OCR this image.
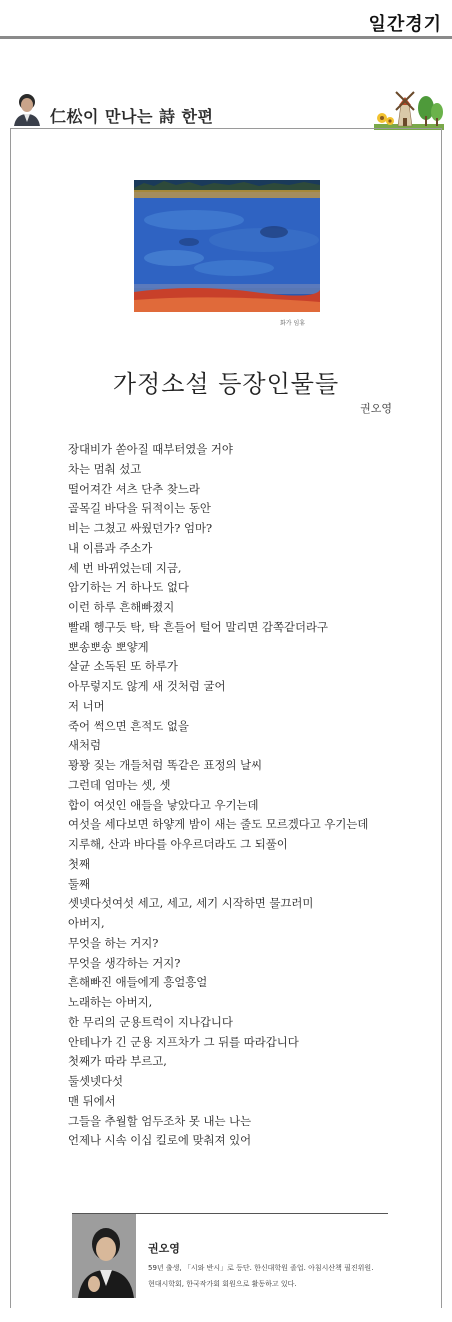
일간경기
仁松이 만나는 詩 한편
화가 임휴
가정소설 등장인물들
권오영
장대비가 쏟아질 때부터였을 거야
차는 멈춰 섰고
떨어져간 셔츠 단추 찾느라
골목길 바닥을 뒤적이는 동안
비는 그쳤고 싸웠던가? 엄마?
내 이름과 주소가
세 번 바뀌었는데 지금,
암기하는 거 하나도 없다
이런 하루 흔해빠졌지
빨래 헹구듯 탁, 탁 흔들어 털어 말리면 감쪽같더라구
뽀송뽀송 뽀얗게
살균 소독된 또 하루가
아무렇지도 않게 새 것처럼 굴어
저 너머
죽어 썩으면 흔적도 없을
새처럼
꽝꽝 짖는 개들처럼 똑같은 표정의 날씨
그런데 엄마는 셋, 셋
합이 여섯인 애들을 낳았다고 우기는데
여섯을 세다보면 하얗게 밤이 새는 줄도 모르겠다고 우기는데
지루해, 산과 바다를 아우르더라도 그 되풀이
첫째
둘째
셋넷다섯여섯 세고, 세고, 세기 시작하면 물끄러미
아버지,
무엇을 하는 거지?
무엇을 생각하는 거지?
흔해빠진 애들에게 흥얼흥얼
노래하는 아버지,
한 무리의 군용트럭이 지나갑니다
안테나가 긴 군용 지프차가 그 뒤를 따라갑니다
첫째가 따라 부르고,
둘셋넷다섯
맨 뒤에서
그들을 추월할 엄두조차 못 내는 나는
언제나 시속 이십 킬로에 맞춰져 있어
권오영
59년 출생, 「시와 반시」로 등단. 한신대학원 졸업. 아침시산책 필진위원.
현대시학회, 한국작가회 회원으로 활동하고 있다.
